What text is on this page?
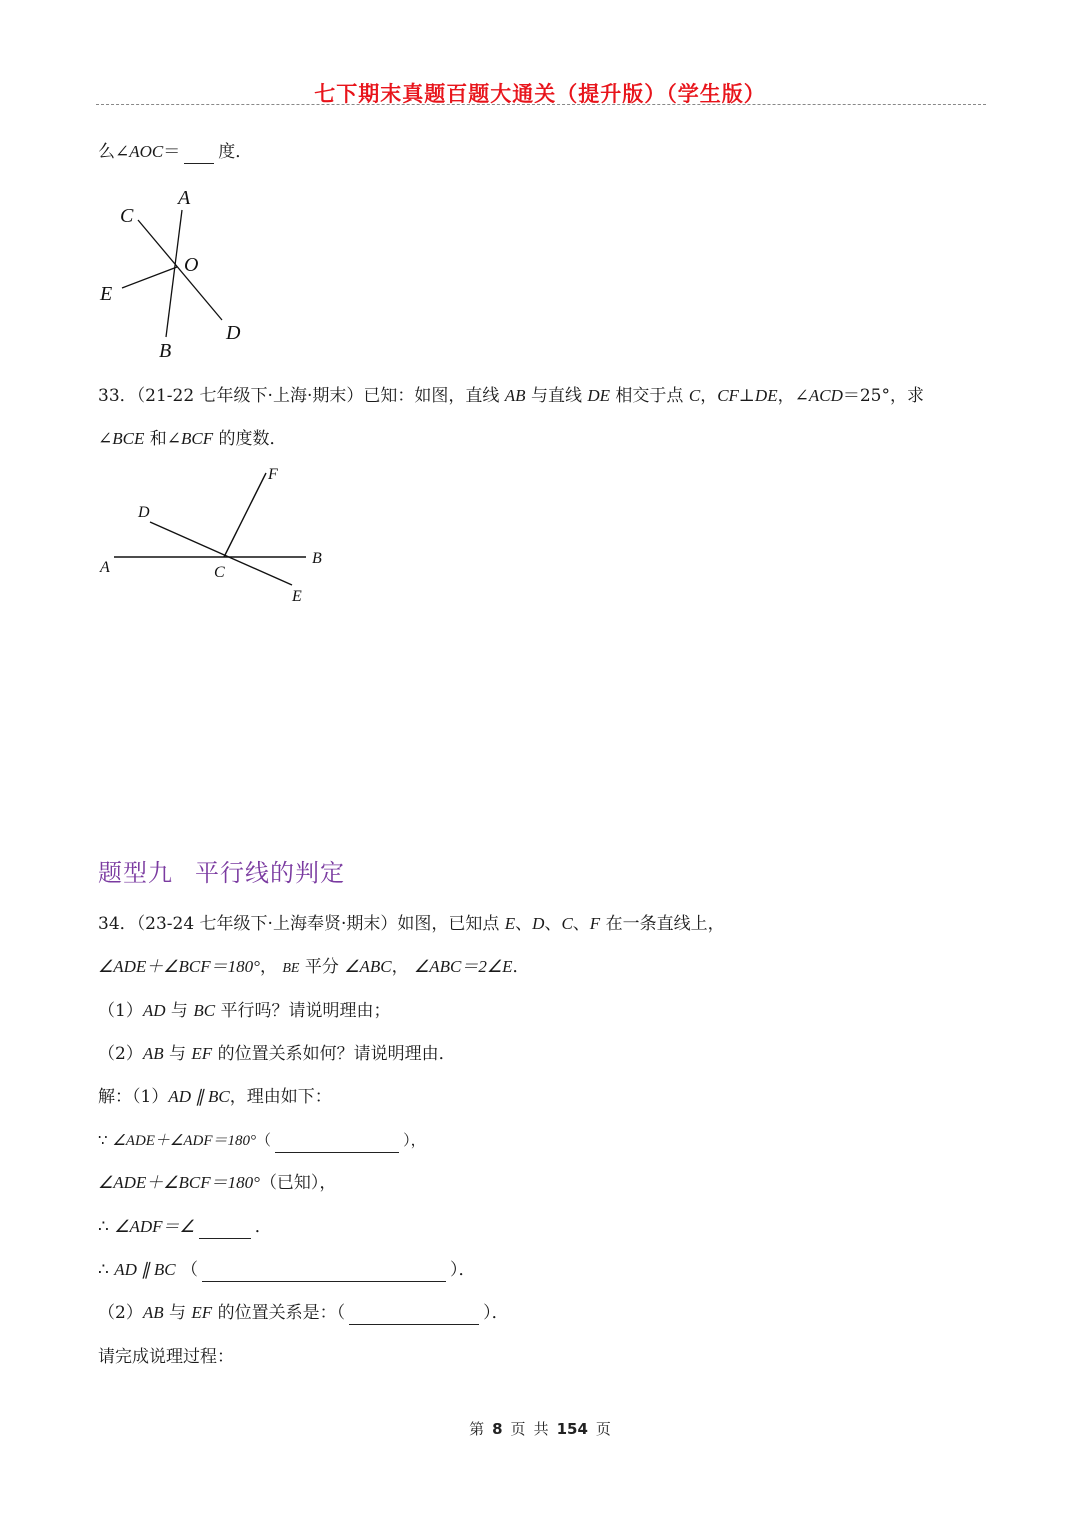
七下期末真题百题大通关（提升版）（学生版）
么∠AOC＝ 度．
A
C
O
E
D
B
33．（21-22 七年级下·上海·期末）已知：如图，直线 AB 与直线 DE 相交于点 C，CF⊥DE，∠ACD＝25°，求
∠BCE 和∠BCF 的度数．
F
D
A	C
B
E
题型九 平行线的判定
34．（23-24 七年级下·上海奉贤·期末）如图，已知点 E、D、C、F 在一条直线上，
∠ADE＋∠BCF＝180°， BE 平分 ∠ABC， ∠ABC＝2∠E．
（1）AD 与 BC 平行吗？请说明理由；
（2）AB 与 EF 的位置关系如何？请说明理由．
解：（1）AD ∥ BC，理由如下：
∵ ∠ADE＋∠ADF＝180°（	），
∠ADE＋∠BCF＝180°（已知），
∴ ∠ADF＝∠	．
∴ AD ∥ BC （	）．
（2）AB 与 EF 的位置关系是：（	）．
请完成说理过程：
第 8 页 共 154 页
